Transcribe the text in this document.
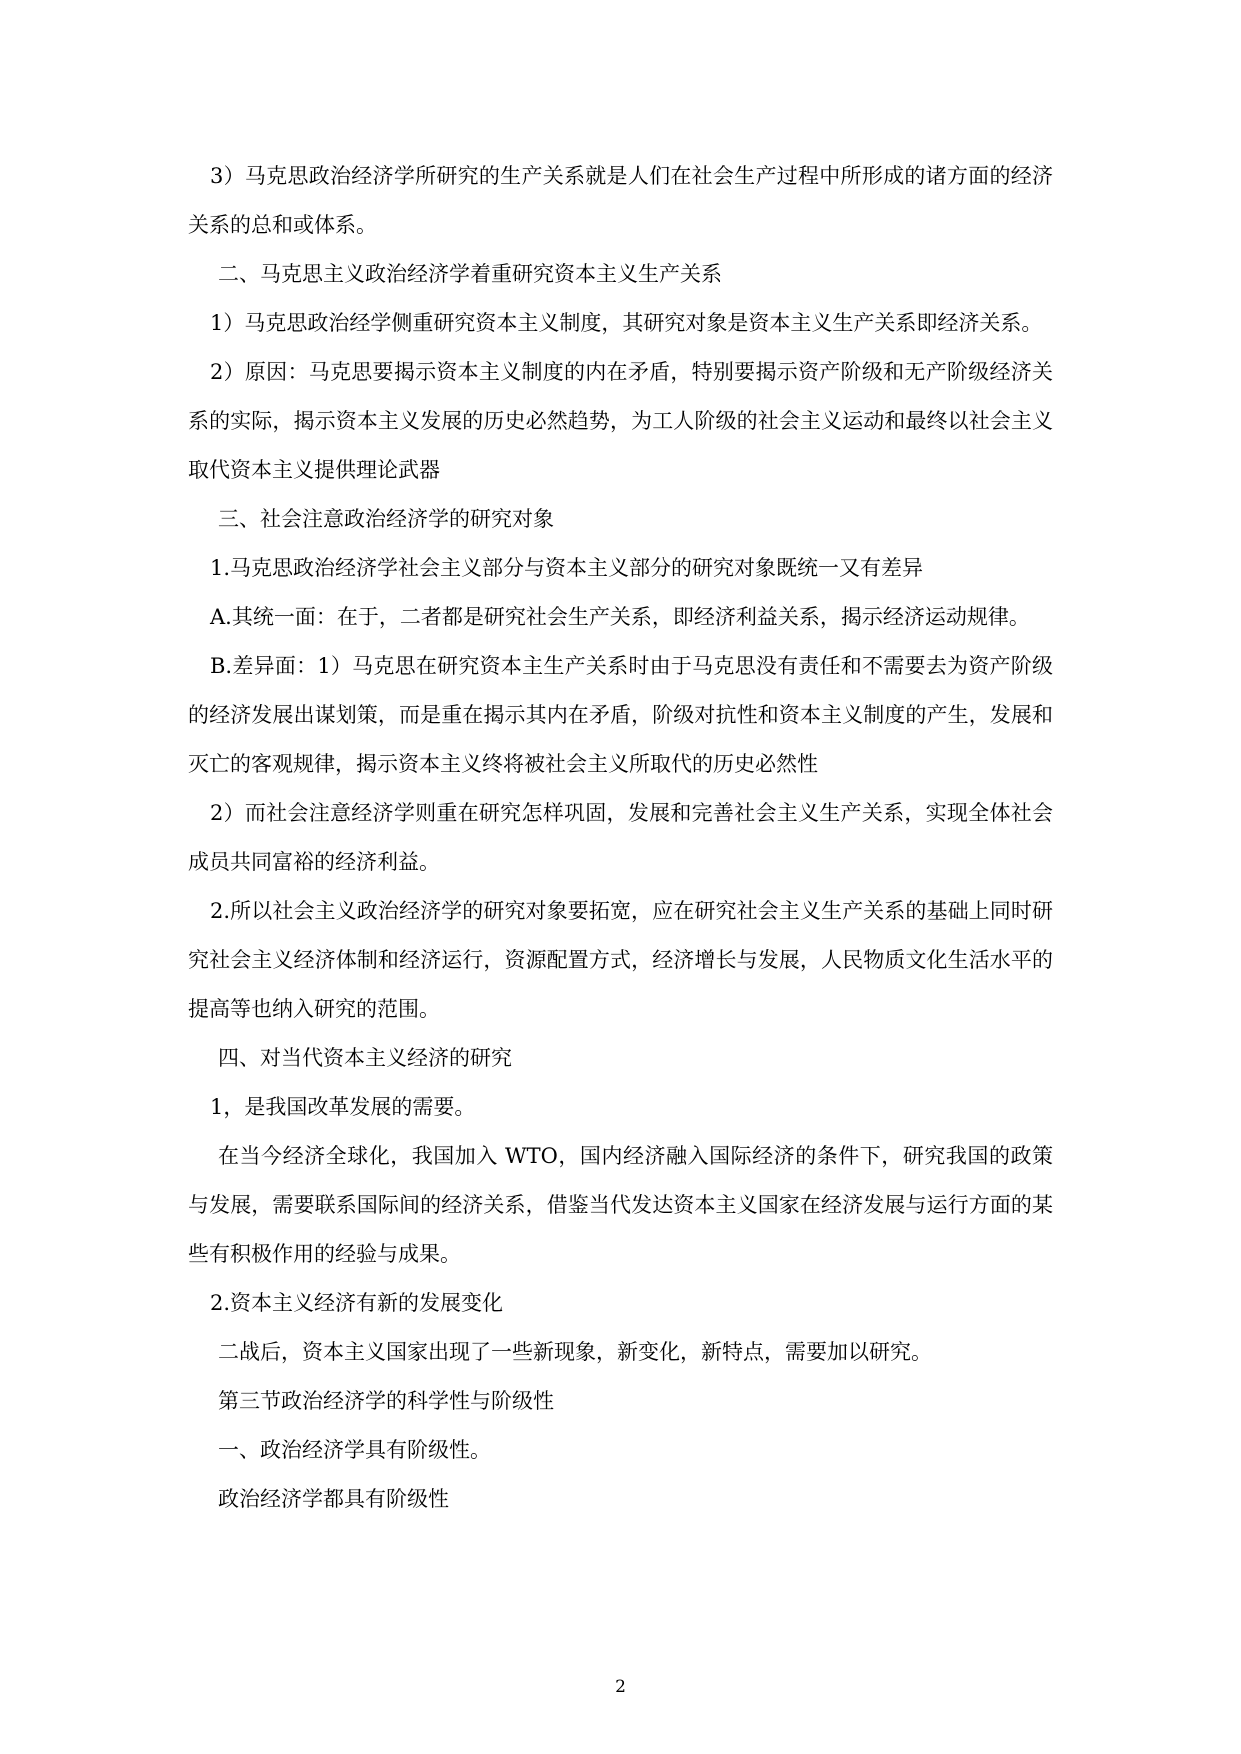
3）马克思政治经济学所研究的生产关系就是人们在社会生产过程中所形成的诸方面的经济关系的总和或体系。

二、马克思主义政治经济学着重研究资本主义生产关系

1）马克思政治经学侧重研究资本主义制度，其研究对象是资本主义生产关系即经济关系。

2）原因：马克思要揭示资本主义制度的内在矛盾，特别要揭示资产阶级和无产阶级经济关系的实际，揭示资本主义发展的历史必然趋势，为工人阶级的社会主义运动和最终以社会主义取代资本主义提供理论武器

三、社会注意政治经济学的研究对象

1.马克思政治经济学社会主义部分与资本主义部分的研究对象既统一又有差异

A.其统一面：在于，二者都是研究社会生产关系，即经济利益关系，揭示经济运动规律。

B.差异面：1）马克思在研究资本主生产关系时由于马克思没有责任和不需要去为资产阶级的经济发展出谋划策，而是重在揭示其内在矛盾，阶级对抗性和资本主义制度的产生，发展和灭亡的客观规律，揭示资本主义终将被社会主义所取代的历史必然性

2）而社会注意经济学则重在研究怎样巩固，发展和完善社会主义生产关系，实现全体社会成员共同富裕的经济利益。

2.所以社会主义政治经济学的研究对象要拓宽，应在研究社会主义生产关系的基础上同时研究社会主义经济体制和经济运行，资源配置方式，经济增长与发展，人民物质文化生活水平的提高等也纳入研究的范围。

四、对当代资本主义经济的研究

1，是我国改革发展的需要。

在当今经济全球化，我国加入 WTO，国内经济融入国际经济的条件下，研究我国的政策与发展，需要联系国际间的经济关系，借鉴当代发达资本主义国家在经济发展与运行方面的某些有积极作用的经验与成果。

2.资本主义经济有新的发展变化

二战后，资本主义国家出现了一些新现象，新变化，新特点，需要加以研究。

第三节政治经济学的科学性与阶级性

一、政治经济学具有阶级性。

政治经济学都具有阶级性

2
